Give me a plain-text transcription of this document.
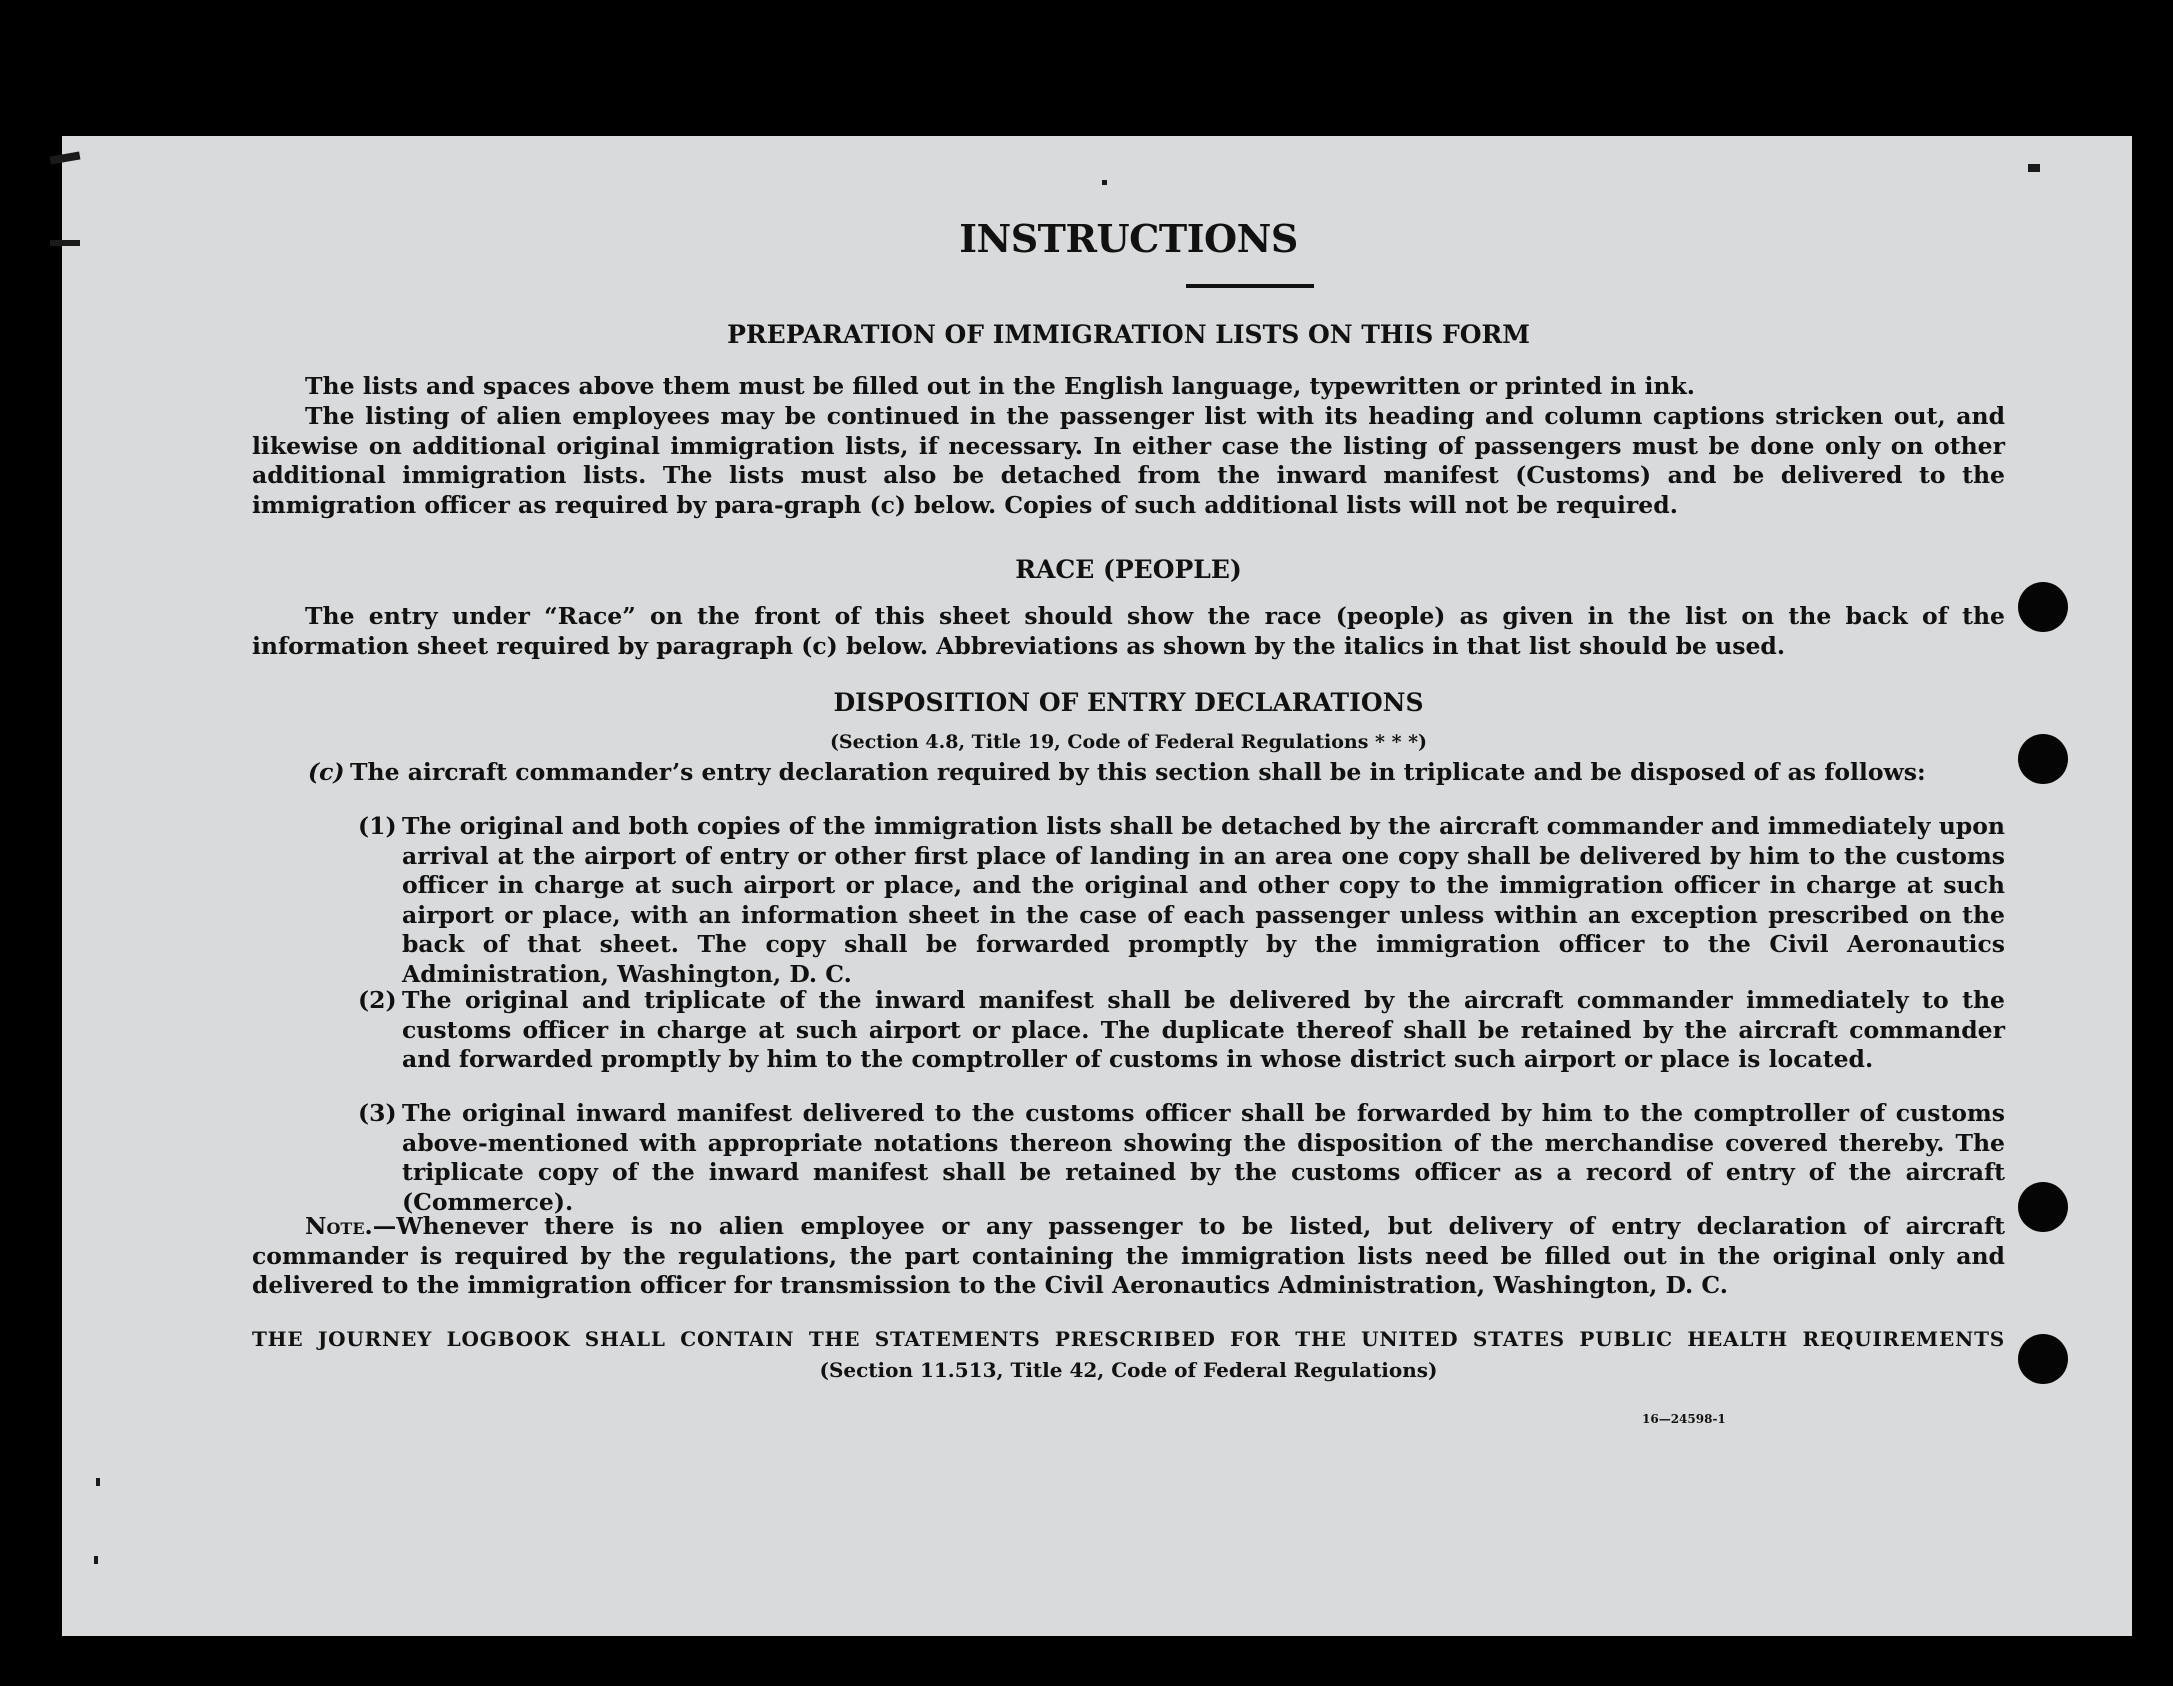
INSTRUCTIONS
PREPARATION OF IMMIGRATION LISTS ON THIS FORM

The lists and spaces above them must be filled out in the English language, typewritten or printed in ink.

The listing of alien employees may be continued in the passenger list with its heading and column captions stricken out, and likewise on additional original immigration lists, if necessary. In either case the listing of passengers must be done only on other additional immigration lists. The lists must also be detached from the inward manifest (Customs) and be delivered to the immigration officer as required by para-graph (c) below. Copies of such additional lists will not be required.

RACE (PEOPLE)

The entry under “Race” on the front of this sheet should show the race (people) as given in the list on the back of the information sheet required by paragraph (c) below. Abbreviations as shown by the italics in that list should be used.

DISPOSITION OF ENTRY DECLARATIONS
(Section 4.8, Title 19, Code of Federal Regulations * * *)
(c) The aircraft commander’s entry declaration required by this section shall be in triplicate and be disposed of as follows:
(1) The original and both copies of the immigration lists shall be detached by the aircraft commander and immediately upon arrival at the airport of entry or other first place of landing in an area one copy shall be delivered by him to the customs officer in charge at such airport or place, and the original and other copy to the immigration officer in charge at such airport or place, with an information sheet in the case of each passenger unless within an exception prescribed on the back of that sheet. The copy shall be forwarded promptly by the immigration officer to the Civil Aeronautics Administration, Washington, D. C.
(2) The original and triplicate of the inward manifest shall be delivered by the aircraft commander immediately to the customs officer in charge at such airport or place. The duplicate thereof shall be retained by the aircraft commander and forwarded promptly by him to the comptroller of customs in whose district such airport or place is located.
(3) The original inward manifest delivered to the customs officer shall be forwarded by him to the comptroller of customs above-mentioned with appropriate notations thereon showing the disposition of the merchandise covered thereby. The triplicate copy of the inward manifest shall be retained by the customs officer as a record of entry of the aircraft (Commerce).

Note.—Whenever there is no alien employee or any passenger to be listed, but delivery of entry declaration of aircraft commander is required by the regulations, the part containing the immigration lists need be filled out in the original only and delivered to the immigration officer for transmission to the Civil Aeronautics Administration, Washington, D. C.

THE JOURNEY LOGBOOK SHALL CONTAIN THE STATEMENTS PRESCRIBED FOR THE UNITED STATES PUBLIC HEALTH REQUIREMENTS
(Section 11.513, Title 42, Code of Federal Regulations)
16—24598-1
